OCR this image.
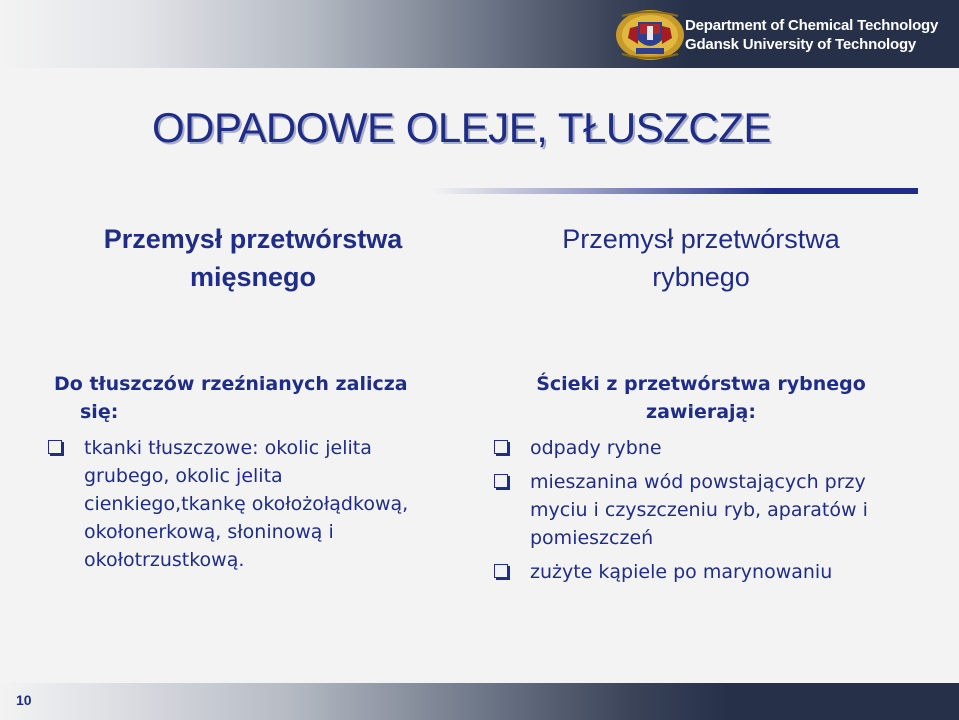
Department of Chemical Technology
Gdansk University of Technology
ODPADOWE OLEJE, TŁUSZCZE
Przemysł przetwórstwa
mięsnego
Przemysł przetwórstwa
rybnego
Do tłuszczów rzeźnianych zalicza
się:
tkanki tłuszczowe: okolic jelita grubego, okolic jelita cienkiego,tkankę okołożołądkową, okołonerkową, słoninową i okołotrzustkową.
Ścieki z przetwórstwa rybnego
zawierają:
odpady rybne
mieszanina wód powstających przy myciu i czyszczeniu ryb, aparatów i pomieszczeń
zużyte kąpiele po marynowaniu
10
